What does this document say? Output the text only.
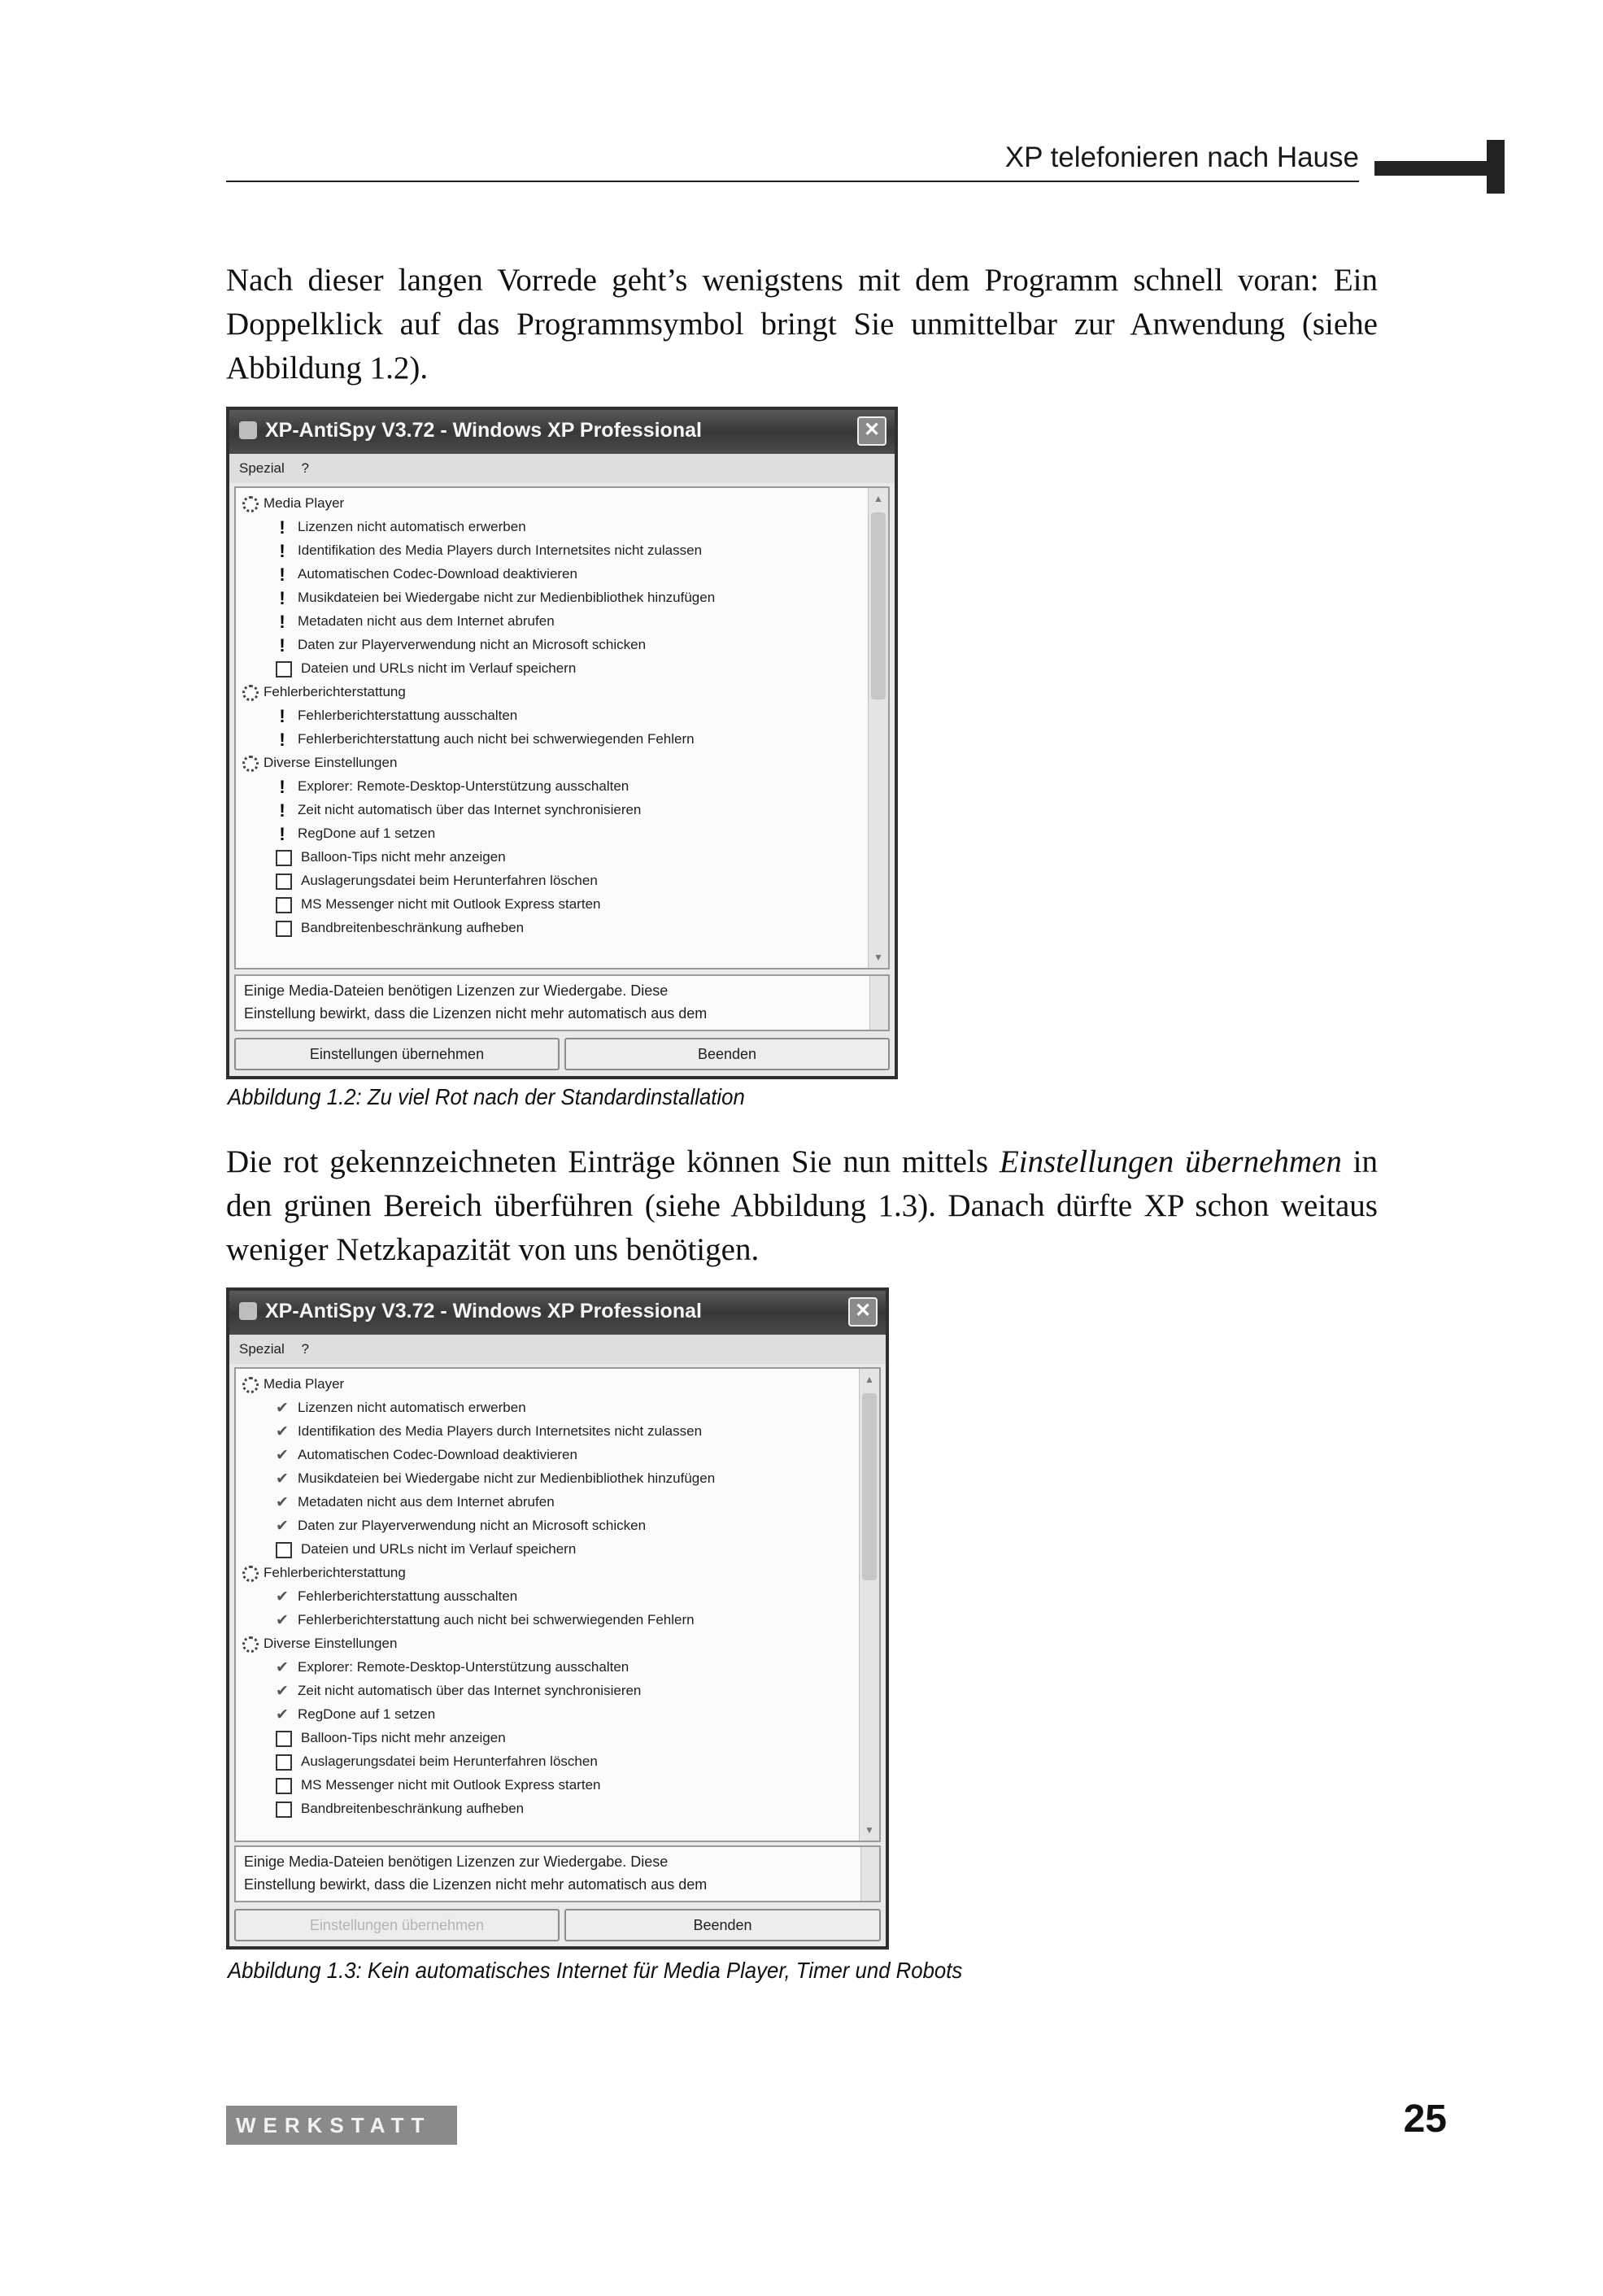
XP telefonieren nach Hause

Nach dieser langen Vorrede geht’s wenigstens mit dem Programm schnell voran: Ein Doppelklick auf das Programmsymbol bringt Sie unmittelbar zur Anwendung (siehe Abbildung 1.2).

XP-AntiSpy V3.72 - Windows XP Professional	✕
Spezial ?
Media Player
! Lizenzen nicht automatisch erwerben
! Identifikation des Media Players durch Internetsites nicht zulassen
! Automatischen Codec-Download deaktivieren
! Musikdateien bei Wiedergabe nicht zur Medienbibliothek hinzufügen
! Metadaten nicht aus dem Internet abrufen
! Daten zur Playerverwendung nicht an Microsoft schicken
Dateien und URLs nicht im Verlauf speichern
Fehlerberichterstattung
! Fehlerberichterstattung ausschalten
! Fehlerberichterstattung auch nicht bei schwerwiegenden Fehlern
Diverse Einstellungen
! Explorer: Remote-Desktop-Unterstützung ausschalten
! Zeit nicht automatisch über das Internet synchronisieren
! RegDone auf 1 setzen
Balloon-Tips nicht mehr anzeigen
Auslagerungsdatei beim Herunterfahren löschen
MS Messenger nicht mit Outlook Express starten
Bandbreitenbeschränkung aufheben
▲
▼
Einige Media-Dateien benötigen Lizenzen zur Wiedergabe. Diese
Einstellung bewirkt, dass die Lizenzen nicht mehr automatisch aus dem
Einstellungen übernehmen	Beenden

Abbildung 1.2: Zu viel Rot nach der Standardinstallation

Die rot gekennzeichneten Einträge können Sie nun mittels Einstellungen übernehmen in den grünen Bereich überführen (siehe Abbildung 1.3). Danach dürfte XP schon weitaus weniger Netzkapazität von uns benötigen.

XP-AntiSpy V3.72 - Windows XP Professional	✕
Spezial ?
Media Player
✔ Lizenzen nicht automatisch erwerben
✔ Identifikation des Media Players durch Internetsites nicht zulassen
✔ Automatischen Codec-Download deaktivieren
✔ Musikdateien bei Wiedergabe nicht zur Medienbibliothek hinzufügen
✔ Metadaten nicht aus dem Internet abrufen
✔ Daten zur Playerverwendung nicht an Microsoft schicken
Dateien und URLs nicht im Verlauf speichern
Fehlerberichterstattung
✔ Fehlerberichterstattung ausschalten
✔ Fehlerberichterstattung auch nicht bei schwerwiegenden Fehlern
Diverse Einstellungen
✔ Explorer: Remote-Desktop-Unterstützung ausschalten
✔ Zeit nicht automatisch über das Internet synchronisieren
✔ RegDone auf 1 setzen
Balloon-Tips nicht mehr anzeigen
Auslagerungsdatei beim Herunterfahren löschen
MS Messenger nicht mit Outlook Express starten
Bandbreitenbeschränkung aufheben
▲
▼
Einige Media-Dateien benötigen Lizenzen zur Wiedergabe. Diese
Einstellung bewirkt, dass die Lizenzen nicht mehr automatisch aus dem
Einstellungen übernehmen	Beenden

Abbildung 1.3: Kein automatisches Internet für Media Player, Timer und Robots

WERKSTATT	25
